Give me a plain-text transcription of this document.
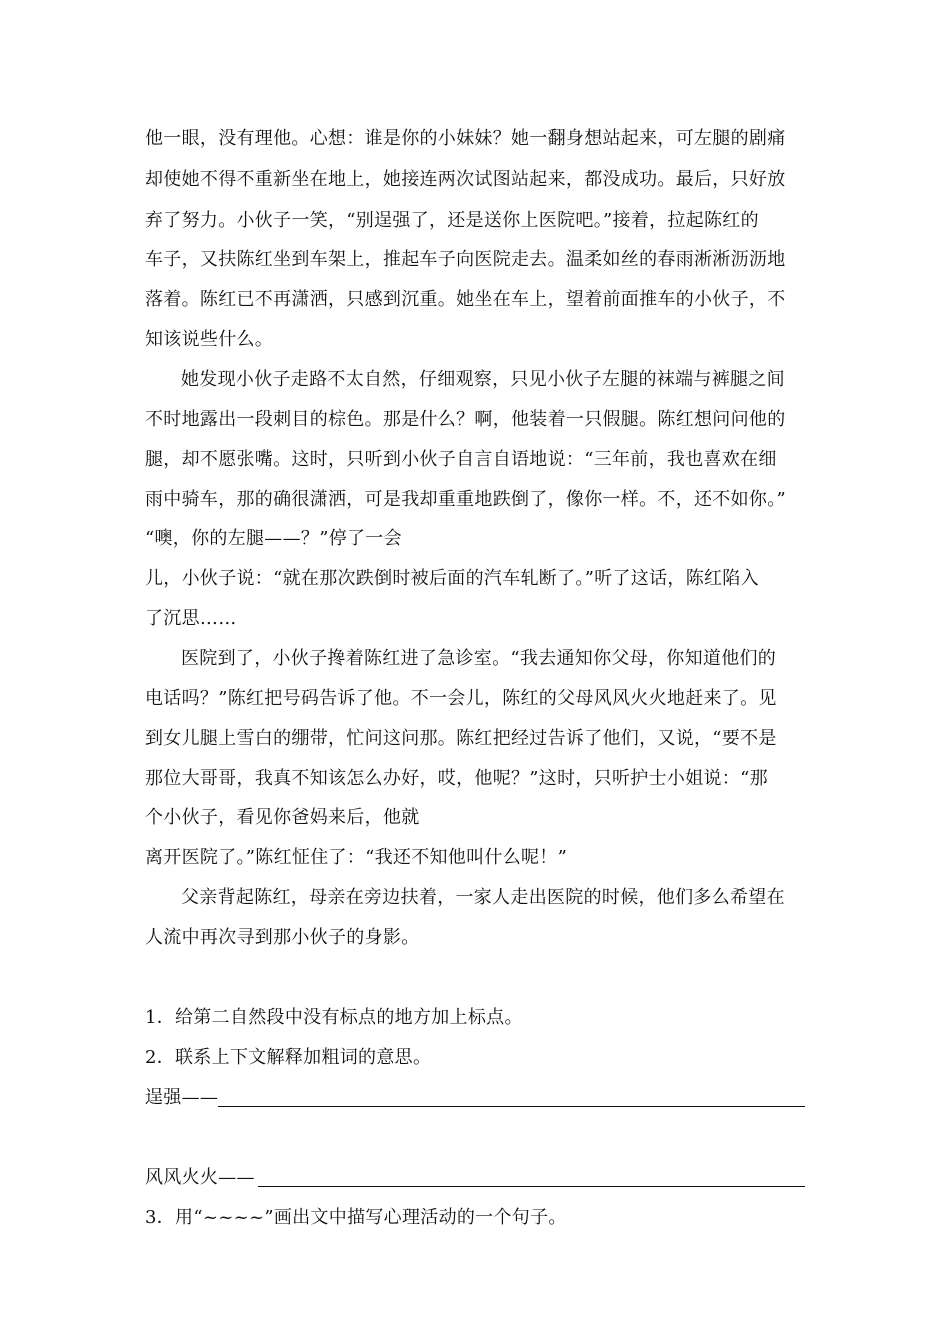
他一眼，没有理他。心想：谁是你的小妹妹？她一翻身想站起来，可左腿的剧痛
却使她不得不重新坐在地上，她接连两次试图站起来，都没成功。最后，只好放
弃了努力。小伙子一笑，“别逞强了，还是送你上医院吧。”接着，拉起陈红的
车子，又扶陈红坐到车架上，推起车子向医院走去。温柔如丝的春雨淅淅沥沥地
落着。陈红已不再潇洒，只感到沉重。她坐在车上，望着前面推车的小伙子，不
知该说些什么。
她发现小伙子走路不太自然，仔细观察，只见小伙子左腿的袜端与裤腿之间
不时地露出一段刺目的棕色。那是什么？啊，他装着一只假腿。陈红想问问他的
腿，却不愿张嘴。这时，只听到小伙子自言自语地说：“三年前，我也喜欢在细
雨中骑车，那的确很潇洒，可是我却重重地跌倒了，像你一样。不，还不如你。”
“噢，你的左腿——？”停了一会
儿，小伙子说：“就在那次跌倒时被后面的汽车轧断了。”听了这话，陈红陷入
了沉思……
医院到了，小伙子搀着陈红进了急诊室。“我去通知你父母，你知道他们的
电话吗？”陈红把号码告诉了他。不一会儿，陈红的父母风风火火地赶来了。见
到女儿腿上雪白的绷带，忙问这问那。陈红把经过告诉了他们，又说，“要不是
那位大哥哥，我真不知该怎么办好，哎，他呢？”这时，只听护士小姐说：“那
个小伙子，看见你爸妈来后，他就
离开医院了。”陈红怔住了：“我还不知他叫什么呢！”
父亲背起陈红，母亲在旁边扶着，一家人走出医院的时候，他们多么希望在
人流中再次寻到那小伙子的身影。
1．给第二自然段中没有标点的地方加上标点。
2．联系上下文解释加粗词的意思。
逞强——
风风火火——
3．用“~~~~”画出文中描写心理活动的一个句子。
